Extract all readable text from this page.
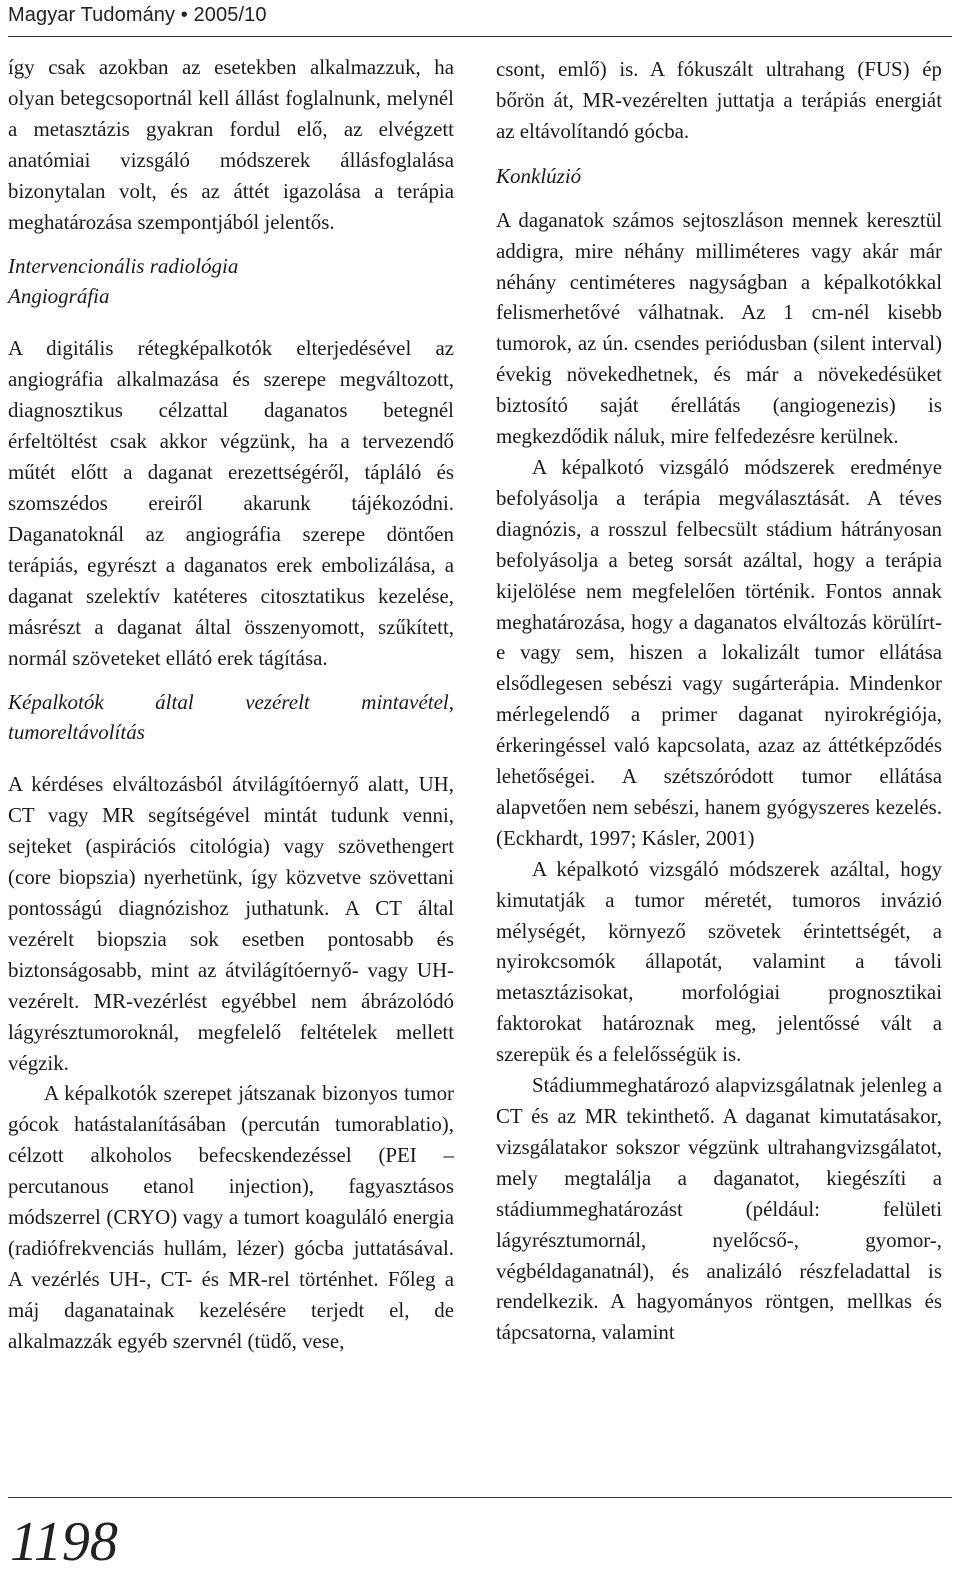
Magyar Tudomány • 2005/10

így csak azokban az esetekben alkalmazzuk, ha olyan betegcsoportnál kell állást foglalnunk, melynél a metasztázis gyakran fordul elő, az elvégzett anatómiai vizsgáló módszerek állásfoglalása bizonytalan volt, és az áttét igazolása a terápia meghatározása szempontjából jelentős.

Intervencionális radiológia
Angiográfia

A digitális rétegképalkotók elterjedésével az angiográfia alkalmazása és szerepe megváltozott, diagnosztikus célzattal daganatos betegnél érfeltöltést csak akkor végzünk, ha a tervezendő műtét előtt a daganat erezettségéről, tápláló és szomszédos ereiről akarunk tájékozódni. Daganatoknál az angiográfia szerepe döntően terápiás, egyrészt a daganatos erek embolizálása, a daganat szelektív katéteres citosztatikus kezelése, másrészt a daganat által összenyomott, szűkített, normál szöveteket ellátó erek tágítása.

Képalkotók által vezérelt mintavétel, tumoreltávolítás

A kérdéses elváltozásból átvilágítóernyő alatt, UH, CT vagy MR segítségével mintát tudunk venni, sejteket (aspirációs citológia) vagy szövethengert (core biopszia) nyerhetünk, így közvetve szövettani pontosságú diagnózishoz juthatunk. A CT által vezérelt biopszia sok esetben pontosabb és biztonságosabb, mint az átvilágítóernyő- vagy UH-vezérelt. MR-vezérlést egyébbel nem ábrázolódó lágyrésztumoroknál, megfelelő feltételek mellett végzik.

A képalkotók szerepet játszanak bizonyos tumor gócok hatástalanításában (percután tumorablatio), célzott alkoholos befecskendezéssel (PEI – percutanous etanol injection), fagyasztásos módszerrel (CRYO) vagy a tumort koaguláló energia (radiófrekvenciás hullám, lézer) gócba juttatásával. A vezérlés UH-, CT- és MR-rel történhet. Főleg a máj daganatainak kezelésére terjedt el, de alkalmazzák egyéb szervnél (tüdő, vese,

csont, emlő) is. A fókuszált ultrahang (FUS) ép bőrön át, MR-vezérelten juttatja a terápiás energiát az eltávolítandó gócba.

Konklúzió

A daganatok számos sejtoszláson mennek keresztül addigra, mire néhány milliméteres vagy akár már néhány centiméteres nagyságban a képalkotókkal felismerhetővé válhatnak. Az 1 cm-nél kisebb tumorok, az ún. csendes periódusban (silent interval) évekig növekedhetnek, és már a növekedésüket biztosító saját érellátás (angiogenezis) is megkezdődik náluk, mire felfedezésre kerülnek.

A képalkotó vizsgáló módszerek eredménye befolyásolja a terápia megválasztását. A téves diagnózis, a rosszul felbecsült stádium hátrányosan befolyásolja a beteg sorsát azáltal, hogy a terápia kijelölése nem megfelelően történik. Fontos annak meghatározása, hogy a daganatos elváltozás körülírt-e vagy sem, hiszen a lokalizált tumor ellátása elsődlegesen sebészi vagy sugárterápia. Mindenkor mérlegelendő a primer daganat nyirokrégiója, érkeringéssel való kapcsolata, azaz az áttétképződés lehetőségei. A szétszóródott tumor ellátása alapvetően nem sebészi, hanem gyógyszeres kezelés. (Eckhardt, 1997; Kásler, 2001)

A képalkotó vizsgáló módszerek azáltal, hogy kimutatják a tumor méretét, tumoros invázió mélységét, környező szövetek érintettségét, a nyirokcsomók állapotát, valamint a távoli metasztázisokat, morfológiai prognosztikai faktorokat határoznak meg, jelentőssé vált a szerepük és a felelősségük is.

Stádiummeghatározó alapvizsgálatnak jelenleg a CT és az MR tekinthető. A daganat kimutatásakor, vizsgálatakor sokszor végzünk ultrahangvizsgálatot, mely megtalálja a daganatot, kiegészíti a stádiummeghatározást (például: felületi lágyrésztumornál, nyelőcső-, gyomor-, végbéldaganatnál), és analizáló részfeladattal is rendelkezik. A hagyományos röntgen, mellkas és tápcsatorna, valamint

1198
